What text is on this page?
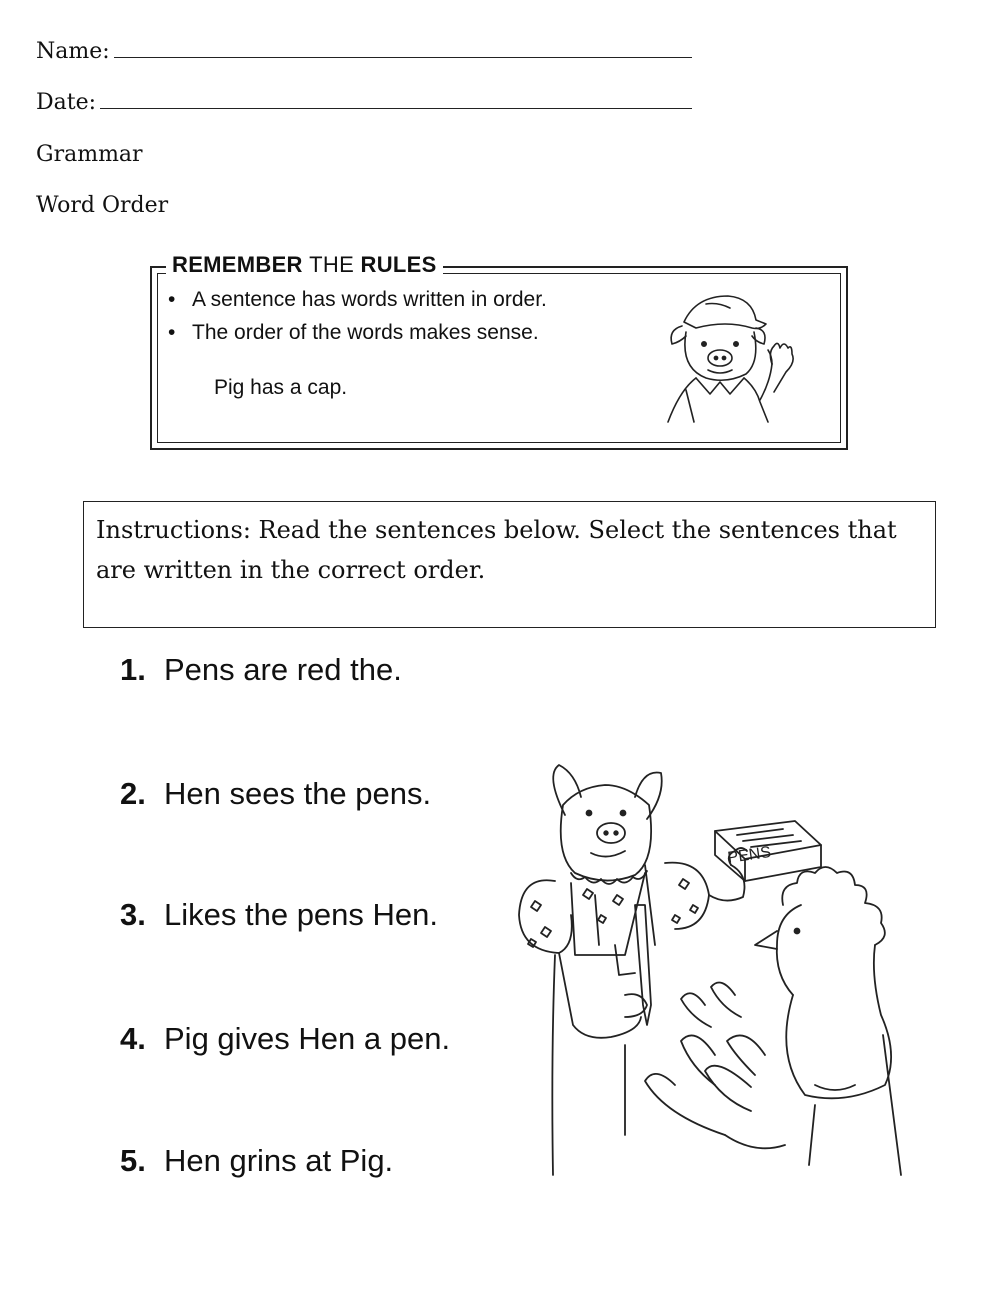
Name:
Date:
Grammar
Word Order
REMEMBER THE RULES
• A sentence has words written in order.
• The order of the words makes sense.
Pig has a cap.
Instructions: Read the sentences below. Select the sentences that are written in the correct order.
1. Pens are red the.
2. Hen sees the pens.
3. Likes the pens Hen.
4. Pig gives Hen a pen.
5. Hen grins at Pig.
PENS
